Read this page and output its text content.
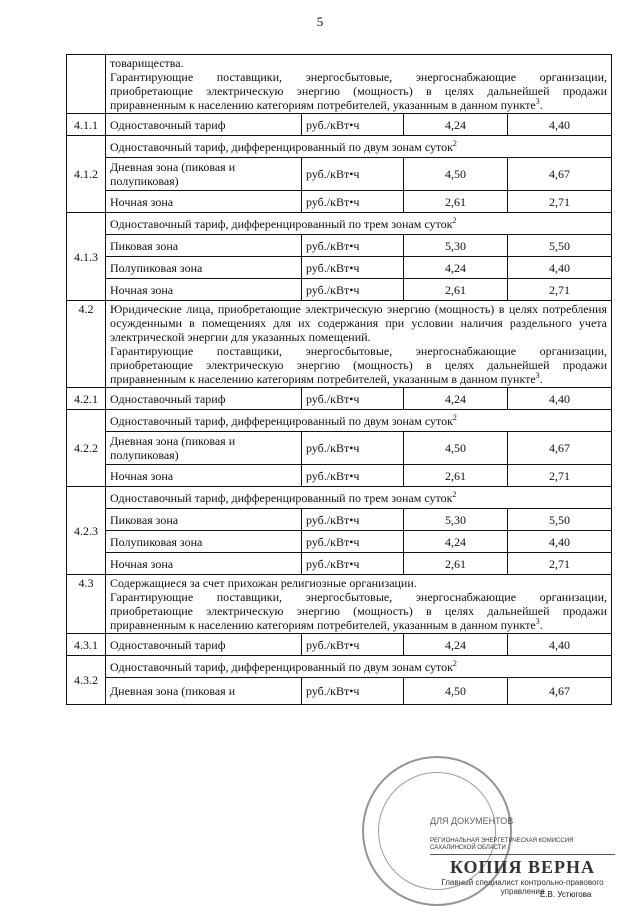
5

	товарищества.
Гарантирующие поставщики, энергосбытовые, энергоснабжающие организации, приобретающие электрическую энергию (мощность) в целях дальнейшей продажи приравненным к населению категориям потребителей, указанным в данном пункте$^3$.			

4.1.1	Одноставочный тариф	руб./кВт•ч	4,24	4,40
4.1.2	Одноставочный тариф, дифференцированный по двум зонам суток$^2$
	Дневная зона (пиковая и полупиковая)	руб./кВт•ч	4,50	4,67
	Ночная зона	руб./кВт•ч	2,61	2,71
4.1.3	Одноставочный тариф, дифференцированный по трем зонам суток$^2$
	Пиковая зона	руб./кВт•ч	5,30	5,50
	Полупиковая зона	руб./кВт•ч	4,24	4,40
	Ночная зона	руб./кВт•ч	2,61	2,71
4.2	Юридические лица, приобретающие электрическую энергию (мощность) в целях потребления осужденными в помещениях для их содержания при условии наличия раздельного учета электрической энергии для указанных помещений.
Гарантирующие поставщики, энергосбытовые, энергоснабжающие организации, приобретающие электрическую энергию (мощность) в целях дальнейшей продажи приравненным к населению категориям потребителей, указанным в данном пункте$^3$.			

4.2.1	Одноставочный тариф	руб./кВт•ч	4,24	4,40
4.2.2	Одноставочный тариф, дифференцированный по двум зонам суток$^2$
	Дневная зона (пиковая и полупиковая)	руб./кВт•ч	4,50	4,67
	Ночная зона	руб./кВт•ч	2,61	2,71
4.2.3	Одноставочный тариф, дифференцированный по трем зонам суток$^2$
	Пиковая зона	руб./кВт•ч	5,30	5,50
	Полупиковая зона	руб./кВт•ч	4,24	4,40
	Ночная зона	руб./кВт•ч	2,61	2,71
4.3	Содержащиеся за счет прихожан религиозные организации.
Гарантирующие поставщики, энергосбытовые, энергоснабжающие организации, приобретающие электрическую энергию (мощность) в целях дальнейшей продажи приравненным к населению категориям потребителей, указанным в данном пункте$^3$.			

4.3.1	Одноставочный тариф	руб./кВт•ч	4,24	4,40
4.3.2	Одноставочный тариф, дифференцированный по двум зонам суток$^2$
	Дневная зона (пиковая и	руб./кВт•ч	4,50	4,67
ДЛЯ ДОКУМЕНТОВ
РЕГИОНАЛЬНАЯ ЭНЕРГЕТИЧЕСКАЯ КОМИССИЯ САХАЛИНСКОЙ ОБЛАСТИ
КОПИЯ ВЕРНА
Главный специалист контрольно-правового управления
Е.В. Устюгова
